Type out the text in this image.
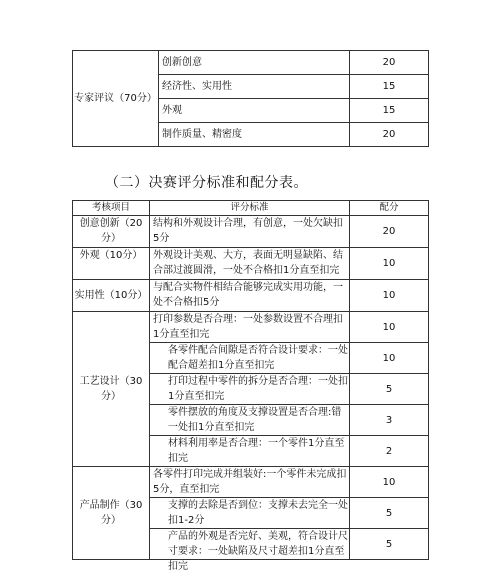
专家评议（70分）	创新创意	20
	经济性、实用性	15
	外观	15
	制作质量、精密度	20
（二）决赛评分标准和配分表。
考核项目	评分标准	配分

创意创新（20分）	结构和外观设计合理，有创意，一处欠缺扣5分	20

外观（10分）	外观设计美观、大方，表面无明显缺陷、结合部过渡圆滑，一处不合格扣1分直至扣完	10
实用性（10分）	与配合实物件相结合能够完成实用功能，一处不合格扣5分	10
工艺设计（30分）	打印参数是否合理：一处参数设置不合理扣1分直至扣完	10

	各零件配合间隙是否符合设计要求：一处配合超差扣1分直至扣完	10

	打印过程中零件的拆分是否合理：一处扣1分直至扣完	5

	零件摆放的角度及支撑设置是否合理:错一处扣1分直至扣完	3

	材料利用率是否合理：一个零件1分直至扣完	2
产品制作（30分）	各零件打印完成并组装好:一个零件未完成扣5分，直至扣完	10

	支撑的去除是否到位：支撑未去完全一处扣1-2分	5

	产品的外观是否完好、美观，符合设计尺寸要求：一处缺陷及尺寸超差扣1分直至扣完	5
